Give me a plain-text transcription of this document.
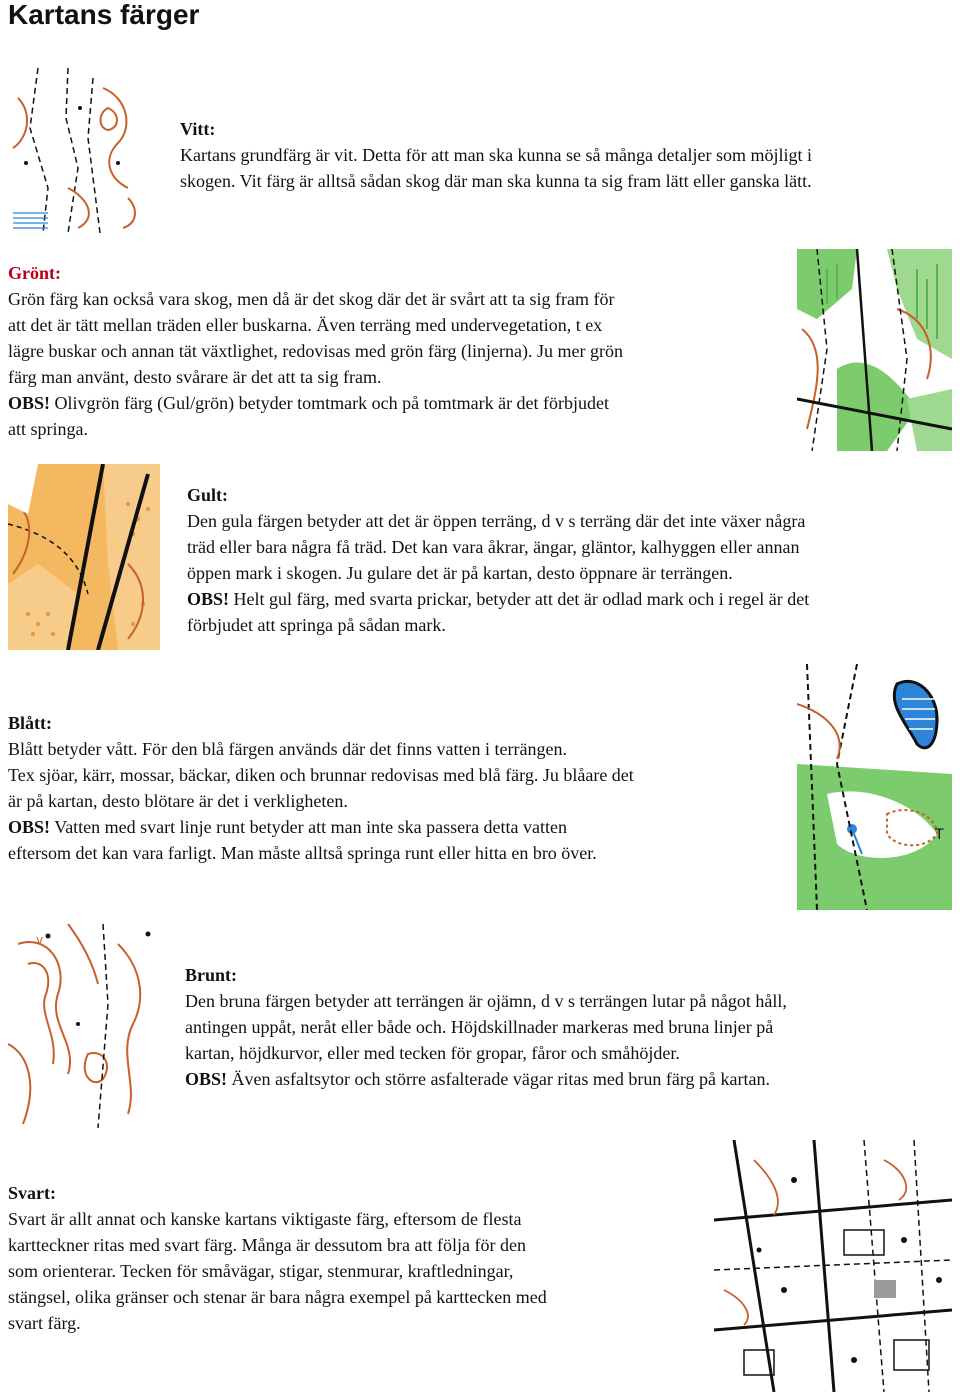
Kartans färger

Vitt:

Kartans grundfärg är vit. Detta för att man ska kunna se så många detaljer som möjligt i

skogen. Vit färg är alltså sådan skog där man ska kunna ta sig fram lätt eller ganska lätt.

Grönt:

Grön färg kan också vara skog, men då är det skog där det är svårt att ta sig fram för

att det är tätt mellan träden eller buskarna. Även terräng med undervegetation, t ex

lägre buskar och annan tät växtlighet, redovisas med grön färg (linjerna). Ju mer grön

färg man använt, desto svårare är det att ta sig fram.

OBS! Olivgrön färg (Gul/grön) betyder tomtmark och på tomtmark är det förbjudet

att springa.

Gult:

Den gula färgen betyder att det är öppen terräng, d v s terräng där det inte växer några

träd eller bara några få träd. Det kan vara åkrar, ängar, gläntor, kalhyggen eller annan

öppen mark i skogen. Ju gulare det är på kartan, desto öppnare är terrängen.

OBS! Helt gul färg, med svarta prickar, betyder att det är odlad mark och i regel är det

förbjudet att springa på sådan mark.

Blått:

Blått betyder vått. För den blå färgen används där det finns vatten i terrängen.

Tex sjöar, kärr, mossar, bäckar, diken och brunnar redovisas med blå färg. Ju blåare det

är på kartan, desto blötare är det i verkligheten.

OBS! Vatten med svart linje runt betyder att man inte ska passera detta vatten

eftersom det kan vara farligt. Man måste alltså springa runt eller hitta en bro över.

T
v

Brunt:

Den bruna färgen betyder att terrängen är ojämn, d v s terrängen lutar på något håll,

antingen uppåt, neråt eller både och. Höjdskillnader markeras med bruna linjer på

kartan, höjdkurvor, eller med tecken för gropar, fåror och småhöjder.

OBS! Även asfaltsytor och större asfalterade vägar ritas med brun färg på kartan.

Svart:

Svart är allt annat och kanske kartans viktigaste färg, eftersom de flesta

kartteckner ritas med svart färg. Många är dessutom bra att följa för den

som orienterar. Tecken för småvägar, stigar, stenmurar, kraftledningar,

stängsel, olika gränser och stenar är bara några exempel på karttecken med

svart färg.
